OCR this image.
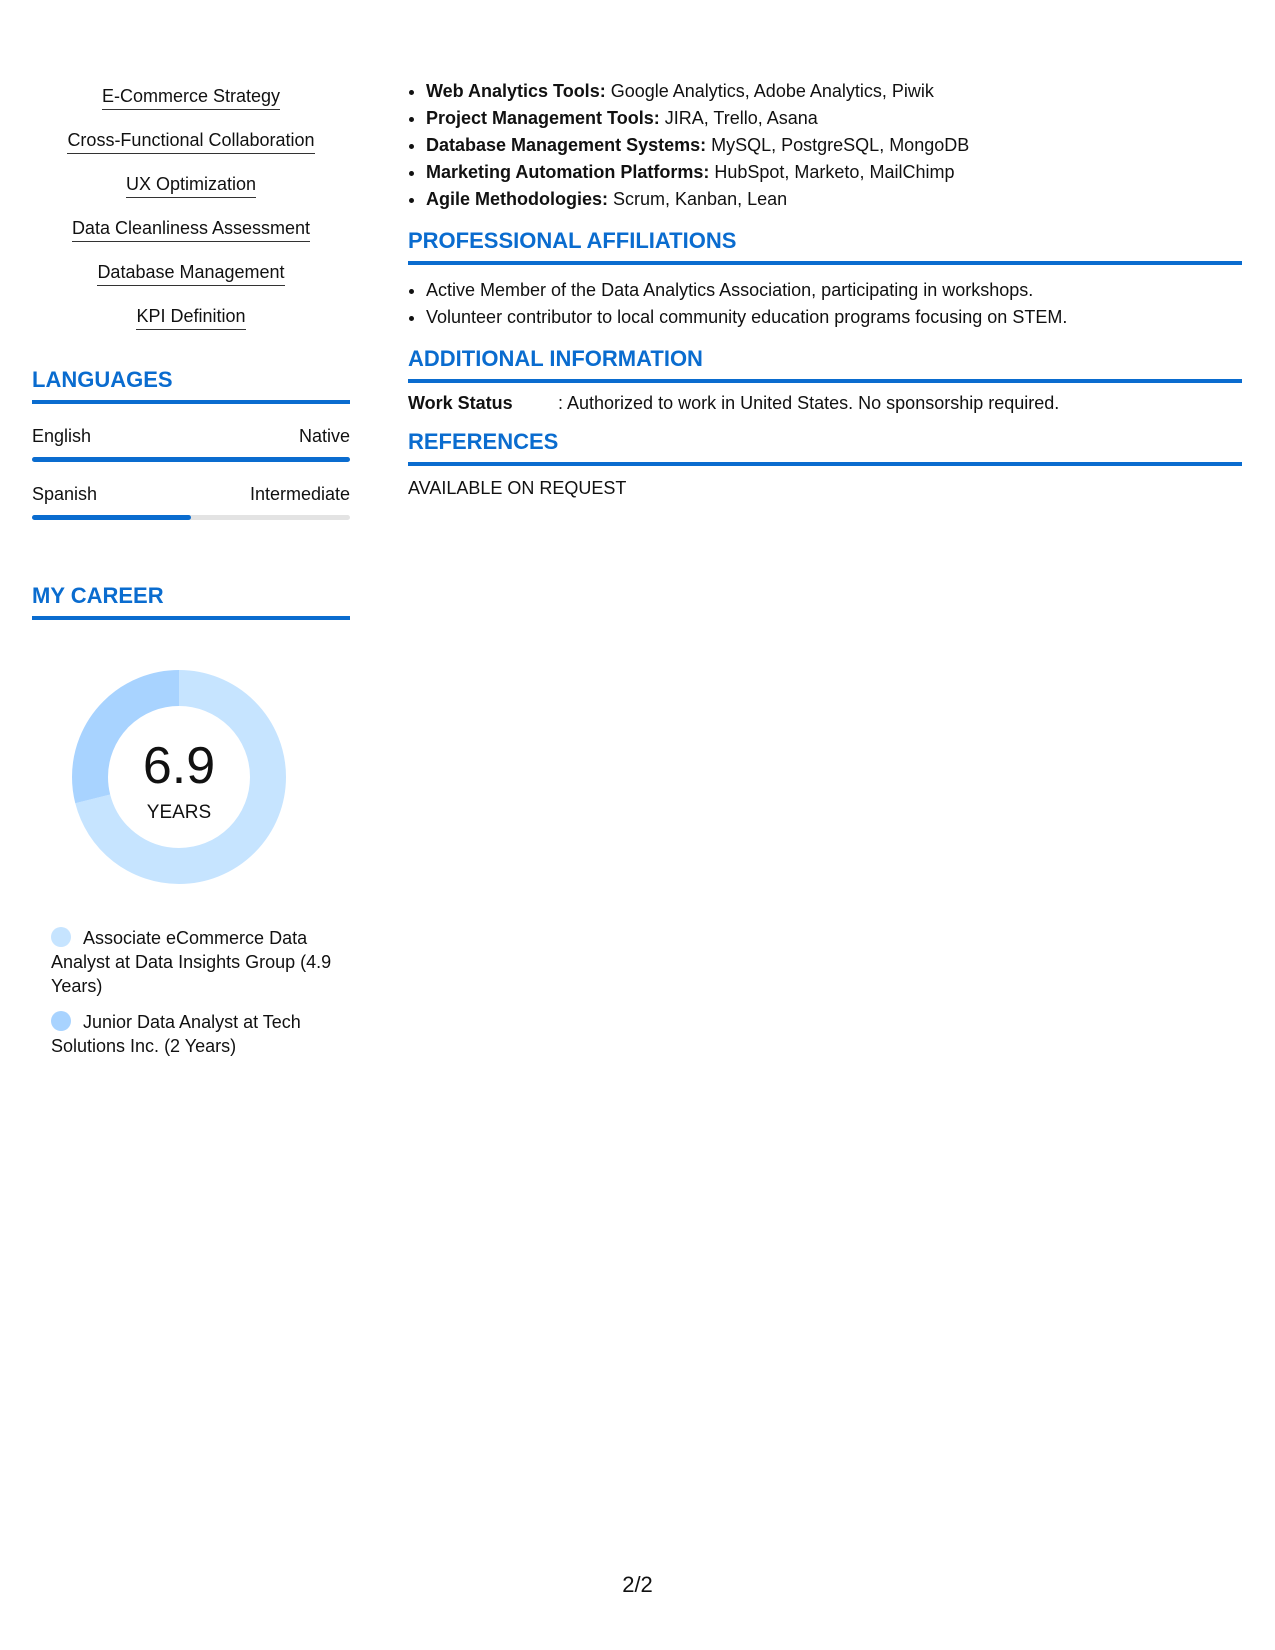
E-Commerce Strategy
Cross-Functional Collaboration
UX Optimization
Data Cleanliness Assessment
Database Management
KPI Definition
LANGUAGES
English	Native
Spanish	Intermediate
MY CAREER
6.9
YEARS
Associate eCommerce Data Analyst at Data Insights Group (4.9 Years)
Junior Data Analyst at Tech Solutions Inc. (2 Years)
• Web Analytics Tools: Google Analytics, Adobe Analytics, Piwik
• Project Management Tools: JIRA, Trello, Asana
• Database Management Systems: MySQL, PostgreSQL, MongoDB
• Marketing Automation Platforms: HubSpot, Marketo, MailChimp
• Agile Methodologies: Scrum, Kanban, Lean
PROFESSIONAL AFFILIATIONS
• Active Member of the Data Analytics Association, participating in workshops.
• Volunteer contributor to local community education programs focusing on STEM.
ADDITIONAL INFORMATION
Work Status	: Authorized to work in United States. No sponsorship required.
REFERENCES
AVAILABLE ON REQUEST
2/2
